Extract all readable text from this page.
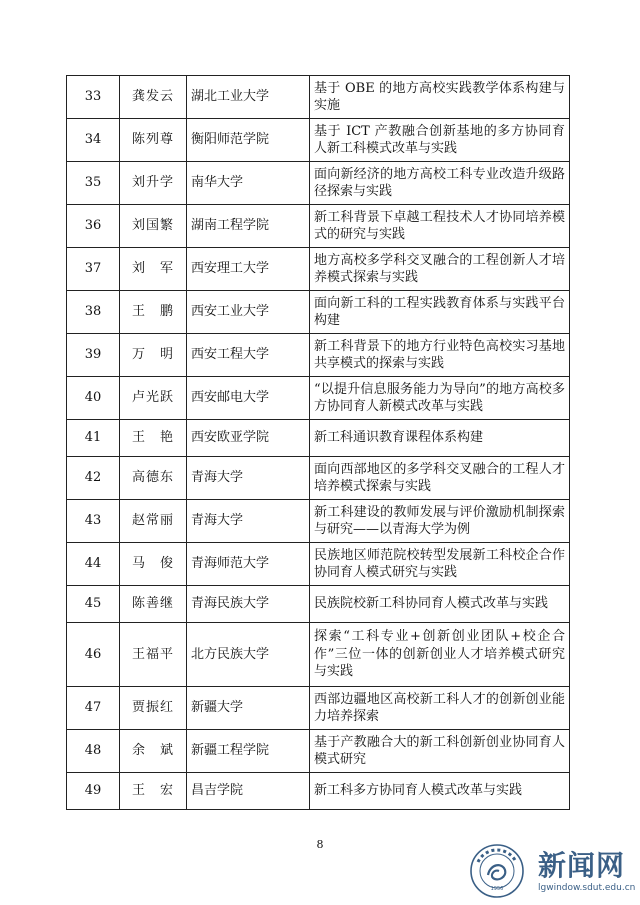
33	龚发云	湖北工业大学	基于 OBE 的地方高校实践教学体系构建与实施
34	陈列尊	衡阳师范学院	基于 ICT 产教融合创新基地的多方协同育人新工科模式改革与实践
35	刘升学	南华大学	面向新经济的地方高校工科专业改造升级路径探索与实践
36	刘国繁	湖南工程学院	新工科背景下卓越工程技术人才协同培养模式的研究与实践
37	刘　军	西安理工大学	地方高校多学科交叉融合的工程创新人才培养模式探索与实践
38	王　鹏	西安工业大学	面向新工科的工程实践教育体系与实践平台构建
39	万　明	西安工程大学	新工科背景下的地方行业特色高校实习基地共享模式的探索与实践
40	卢光跃	西安邮电大学	“以提升信息服务能力为导向”的地方高校多方协同育人新模式改革与实践
41	王　艳	西安欧亚学院	新工科通识教育课程体系构建
42	高德东	青海大学	面向西部地区的多学科交叉融合的工程人才培养模式探索与实践
43	赵常丽	青海大学	新工科建设的教师发展与评价激励机制探索与研究——以青海大学为例
44	马　俊	青海师范大学	民族地区师范院校转型发展新工科校企合作协同育人模式研究与实践
45	陈善继	青海民族大学	民族院校新工科协同育人模式改革与实践
46	王福平	北方民族大学	探索“工科专业+创新创业团队+校企合作”三位一体的创新创业人才培养模式研究与实践
47	贾振红	新疆大学	西部边疆地区高校新工科人才的创新创业能力培养探索
48	余　斌	新疆工程学院	基于产教融合大的新工科创新创业协同育人模式研究
49	王　宏	昌吉学院	新工科多方协同育人模式改革与实践
8
1956
新闻网
lgwindow.sdut.edu.cn
